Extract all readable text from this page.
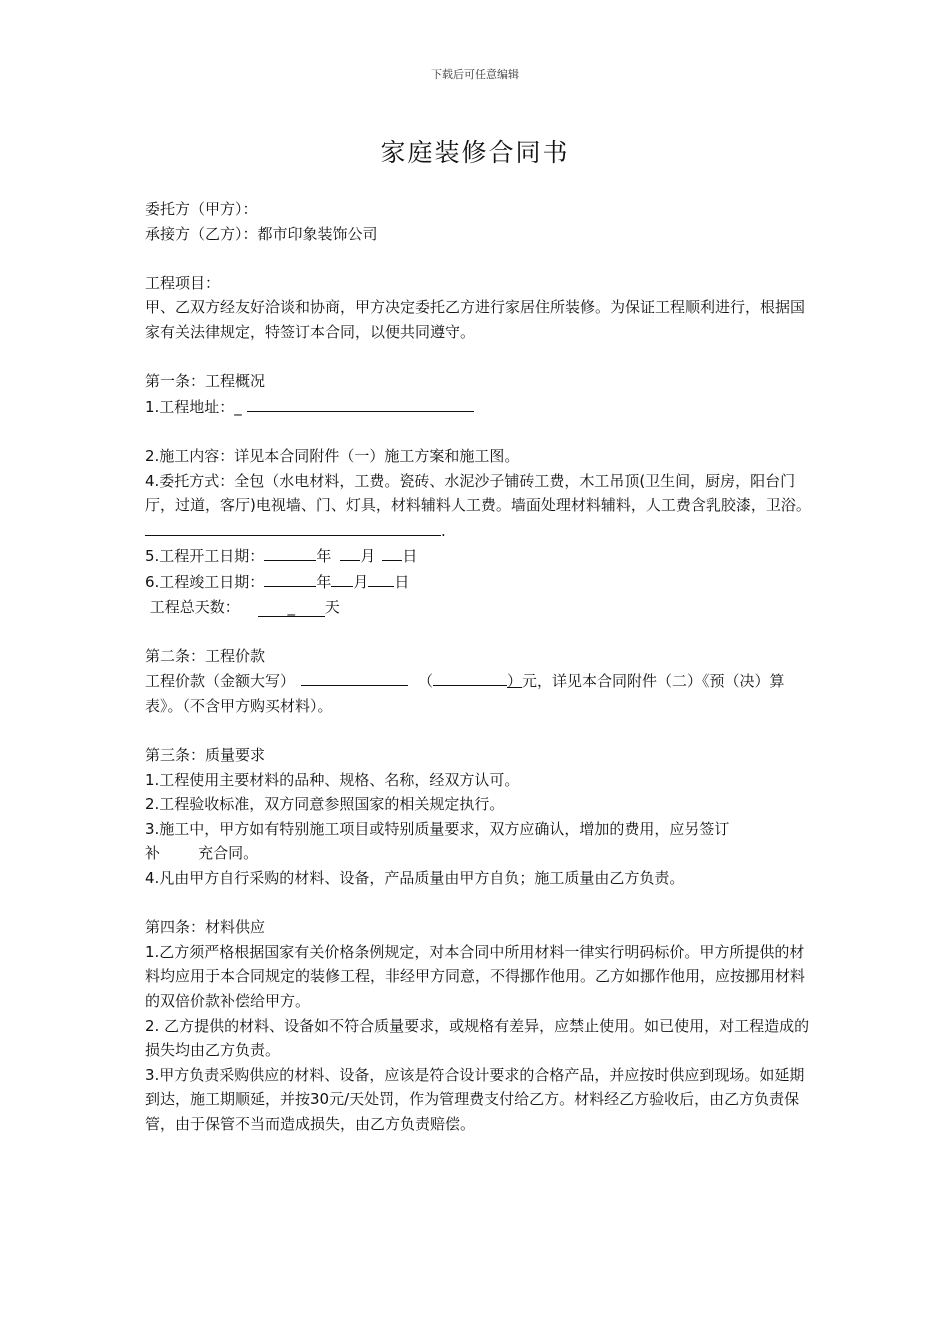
下载后可任意编辑
家庭装修合同书

委托方（甲方）：

承接方（乙方）：都市印象装饰公司

工程项目：

甲、乙双方经友好洽谈和协商，甲方决定委托乙方进行家居住所装修。为保证工程顺利进行，根据国家有关法律规定，特签订本合同，以便共同遵守。

第一条：工程概况

1.工程地址：_

2.施工内容：详见本合同附件（一）施工方案和施工图。

4.委托方式：全包（水电材料，工费。瓷砖、水泥沙子铺砖工费，木工吊顶(卫生间，厨房，阳台门厅，过道，客厅)电视墙、门、灯具，材料辅料人工费。墙面处理材料辅料，人工费含乳胶漆，卫浴。.

5.工程开工日期：	年 月 日

6.工程竣工日期：	年 月 日

工程总天数：	_ 天

第二条：工程价款

工程价款（金额大写）	（	）元，详见本合同附件（二）《预（决）算表》。（不含甲方购买材料）。

第三条：质量要求

1.工程使用主要材料的品种、规格、名称，经双方认可。

2.工程验收标准，双方同意参照国家的相关规定执行。

3.施工中，甲方如有特别施工项目或特别质量要求，双方应确认，增加的费用，应另签订

补        充合同。

4.凡由甲方自行采购的材料、设备，产品质量由甲方自负；施工质量由乙方负责。

第四条：材料供应

1.乙方须严格根据国家有关价格条例规定，对本合同中所用材料一律实行明码标价。甲方所提供的材料均应用于本合同规定的装修工程，非经甲方同意，不得挪作他用。乙方如挪作他用，应按挪用材料的双倍价款补偿给甲方。

2. 乙方提供的材料、设备如不符合质量要求，或规格有差异，应禁止使用。如已使用，对工程造成的损失均由乙方负责。

3.甲方负责采购供应的材料、设备，应该是符合设计要求的合格产品，并应按时供应到现场。如延期到达，施工期顺延，并按30元/天处罚，作为管理费支付给乙方。材料经乙方验收后，由乙方负责保管，由于保管不当而造成损失，由乙方负责赔偿。
